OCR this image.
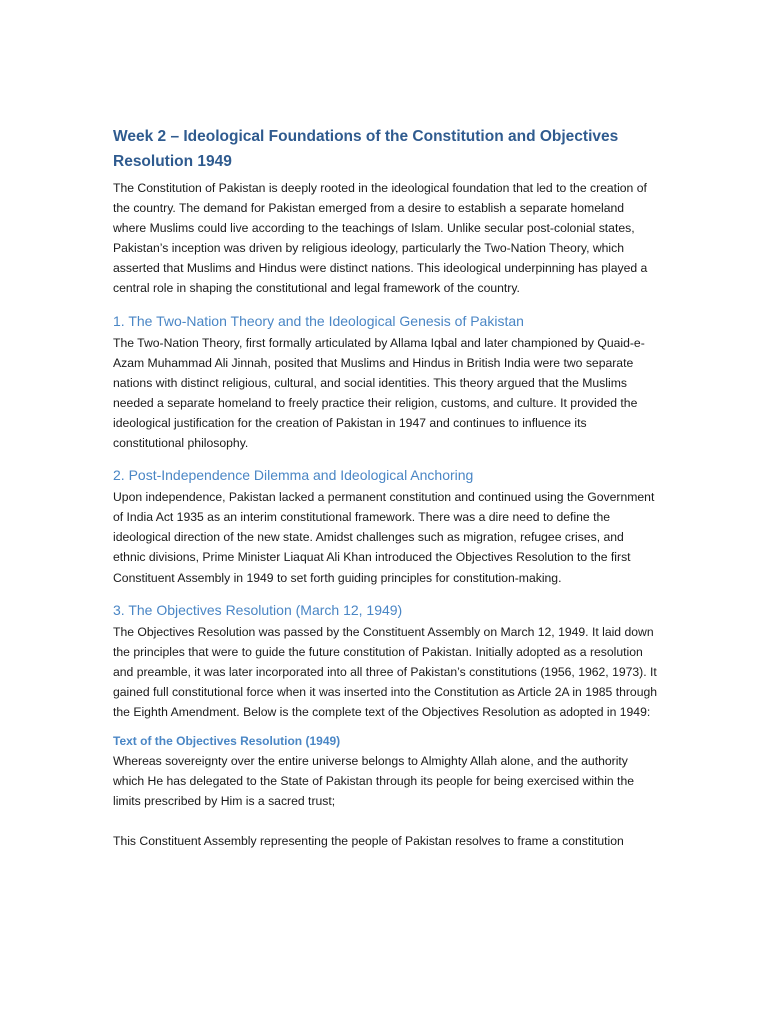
Week 2 – Ideological Foundations of the Constitution and Objectives Resolution 1949

The Constitution of Pakistan is deeply rooted in the ideological foundation that led to the creation of the country. The demand for Pakistan emerged from a desire to establish a separate homeland where Muslims could live according to the teachings of Islam. Unlike secular post-colonial states, Pakistan’s inception was driven by religious ideology, particularly the Two-Nation Theory, which asserted that Muslims and Hindus were distinct nations. This ideological underpinning has played a central role in shaping the constitutional and legal framework of the country.

1. The Two-Nation Theory and the Ideological Genesis of Pakistan

The Two-Nation Theory, first formally articulated by Allama Iqbal and later championed by Quaid-e-Azam Muhammad Ali Jinnah, posited that Muslims and Hindus in British India were two separate nations with distinct religious, cultural, and social identities. This theory argued that the Muslims needed a separate homeland to freely practice their religion, customs, and culture. It provided the ideological justification for the creation of Pakistan in 1947 and continues to influence its constitutional philosophy.

2. Post-Independence Dilemma and Ideological Anchoring

Upon independence, Pakistan lacked a permanent constitution and continued using the Government of India Act 1935 as an interim constitutional framework. There was a dire need to define the ideological direction of the new state. Amidst challenges such as migration, refugee crises, and ethnic divisions, Prime Minister Liaquat Ali Khan introduced the Objectives Resolution to the first Constituent Assembly in 1949 to set forth guiding principles for constitution-making.

3. The Objectives Resolution (March 12, 1949)

The Objectives Resolution was passed by the Constituent Assembly on March 12, 1949. It laid down the principles that were to guide the future constitution of Pakistan. Initially adopted as a resolution and preamble, it was later incorporated into all three of Pakistan’s constitutions (1956, 1962, 1973). It gained full constitutional force when it was inserted into the Constitution as Article 2A in 1985 through the Eighth Amendment. Below is the complete text of the Objectives Resolution as adopted in 1949:

Text of the Objectives Resolution (1949)

Whereas sovereignty over the entire universe belongs to Almighty Allah alone, and the authority which He has delegated to the State of Pakistan through its people for being exercised within the limits prescribed by Him is a sacred trust;

This Constituent Assembly representing the people of Pakistan resolves to frame a constitution
